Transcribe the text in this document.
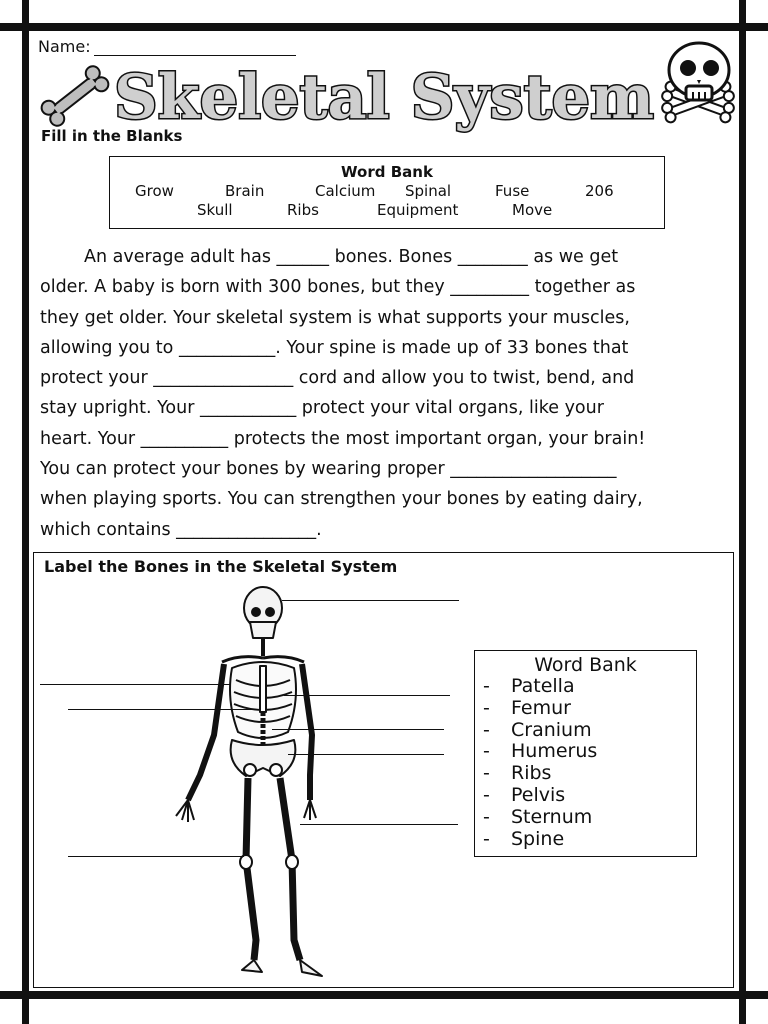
Name:
Skeletal System
Fill in the Blanks
Word Bank
Grow	Brain	Calcium Spinal	Fuse	206
Skull	Ribs	Equipment	Move
An average adult has ______ bones. Bones ________ as we get
older. A baby is born with 300 bones, but they _________ together as
they get older. Your skeletal system is what supports your muscles,
allowing you to ___________. Your spine is made up of 33 bones that
protect your ________________ cord and allow you to twist, bend, and
stay upright. Your ___________ protect your vital organs, like your
heart. Your __________ protects the most important organ, your brain!
You can protect your bones by wearing proper ___________________
when playing sports. You can strengthen your bones by eating dairy,
which contains ________________.
Label the Bones in the Skeletal System
Word Bank
- Patella
- Femur
- Cranium
- Humerus
- Ribs
- Pelvis
- Sternum
- Spine
